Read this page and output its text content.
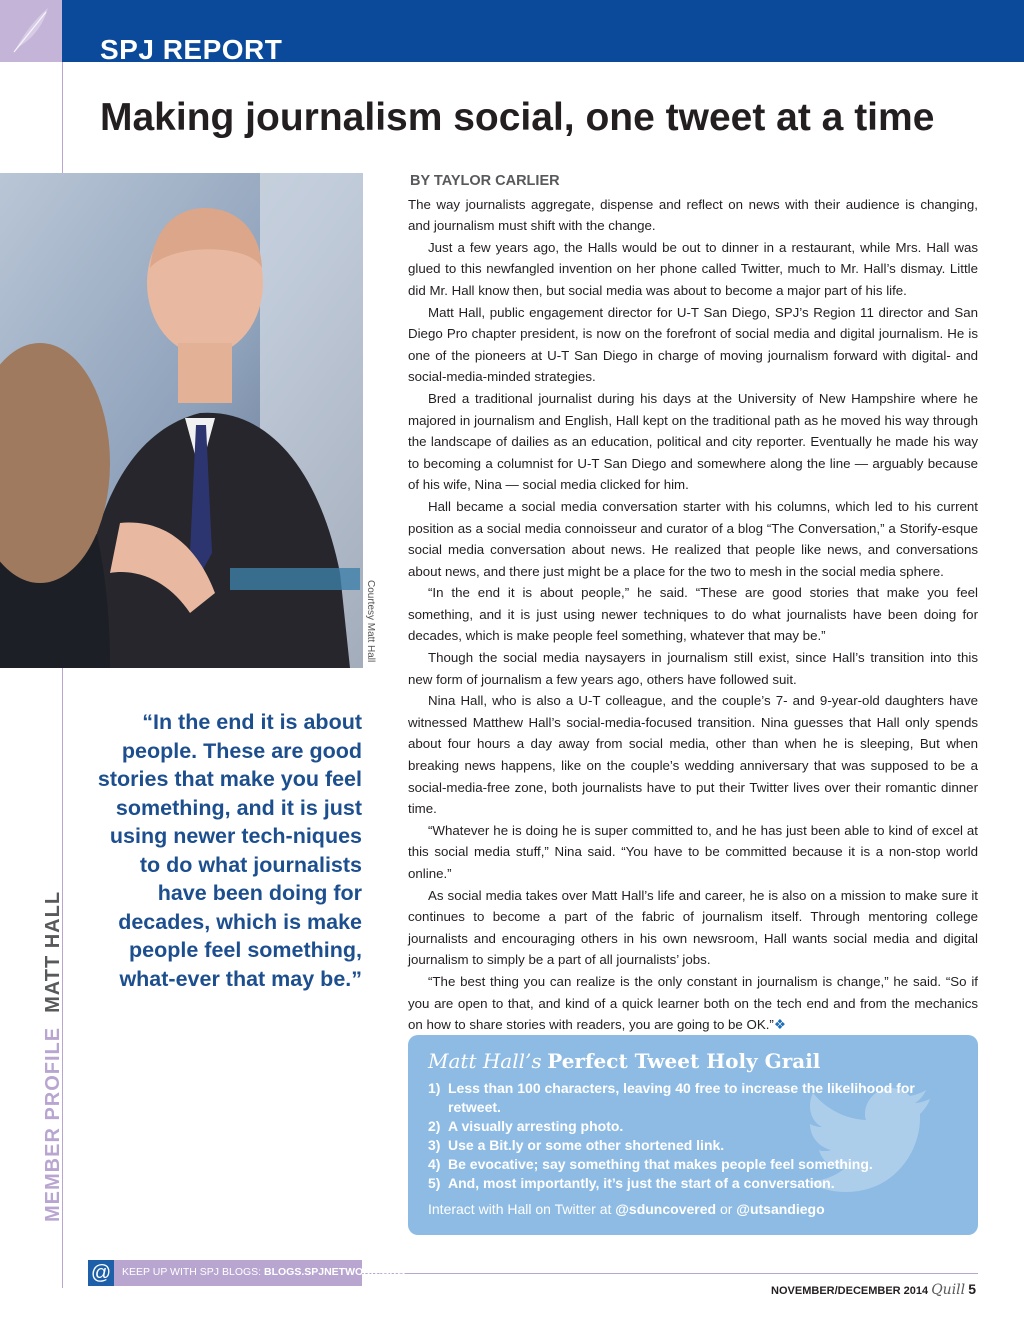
SPJ REPORT
Making journalism social, one tweet at a time
Courtesy Matt Hall
“In the end it is about people. These are good stories that make you feel something, and it is just using newer tech-niques to do what journalists have been doing for decades, which is make people feel something, what-ever that may be.”
MEMBER PROFILEMATT HALL
BY TAYLOR CARLIER

The way journalists aggregate, dispense and reflect on news with their audience is changing, and journalism must shift with the change.

Just a few years ago, the Halls would be out to dinner in a restaurant, while Mrs. Hall was glued to this newfangled invention on her phone called Twitter, much to Mr. Hall’s dismay. Little did Mr. Hall know then, but social media was about to become a major part of his life.

Matt Hall, public engagement director for U-T San Diego, SPJ’s Region 11 director and San Diego Pro chapter president, is now on the forefront of social media and digital journalism. He is one of the pioneers at U-T San Diego in charge of moving journalism forward with digital- and social-media-minded strategies.

Bred a traditional journalist during his days at the University of New Hampshire where he majored in journalism and English, Hall kept on the traditional path as he moved his way through the landscape of dailies as an education, political and city reporter. Eventually he made his way to becoming a columnist for U-T San Diego and somewhere along the line — arguably because of his wife, Nina — social media clicked for him.

Hall became a social media conversation starter with his columns, which led to his current position as a social media connoisseur and curator of a blog “The Conversation,” a Storify-esque social media conversation about news. He realized that people like news, and conversations about news, and there just might be a place for the two to mesh in the social media sphere.

“In the end it is about people,” he said. “These are good stories that make you feel something, and it is just using newer techniques to do what journalists have been doing for decades, which is make people feel something, whatever that may be.”

Though the social media naysayers in journalism still exist, since Hall’s transition into this new form of journalism a few years ago, others have followed suit.

Nina Hall, who is also a U-T colleague, and the couple’s 7- and 9-year-old daughters have witnessed Matthew Hall’s social-media-focused transition. Nina guesses that Hall only spends about four hours a day away from social media, other than when he is sleeping, But when breaking news happens, like on the couple’s wedding anniversary that was supposed to be a social-media-free zone, both journalists have to put their Twitter lives over their romantic dinner time.

“Whatever he is doing he is super committed to, and he has just been able to kind of excel at this social media stuff,” Nina said. “You have to be committed because it is a non-stop world online.”

As social media takes over Matt Hall’s life and career, he is also on a mission to make sure it continues to become a part of the fabric of journalism itself. Through mentoring college journalists and encouraging others in his own newsroom, Hall wants social media and digital journalism to simply be a part of all journalists’ jobs.

“The best thing you can realize is the only constant in journalism is change,” he said. “So if you are open to that, and kind of a quick learner both on the tech end and from the mechanics on how to share stories with readers, you are going to be OK.”❖

Matt Hall’s Perfect Tweet Holy Grail
1) Less than 100 characters, leaving 40 free to increase the likelihood for retweet.
2) A visually arresting photo.
3) Use a Bit.ly or some other shortened link.
4) Be evocative; say something that makes people feel something.
5) And, most importantly, it’s just the start of a conversation.
Interact with Hall on Twitter at @sduncovered or @utsandiego
@ KEEP UP WITH SPJ BLOGS: BLOGS.SPJNETWORK.ORG
NOVEMBER/DECEMBER 2014 Quill 5
